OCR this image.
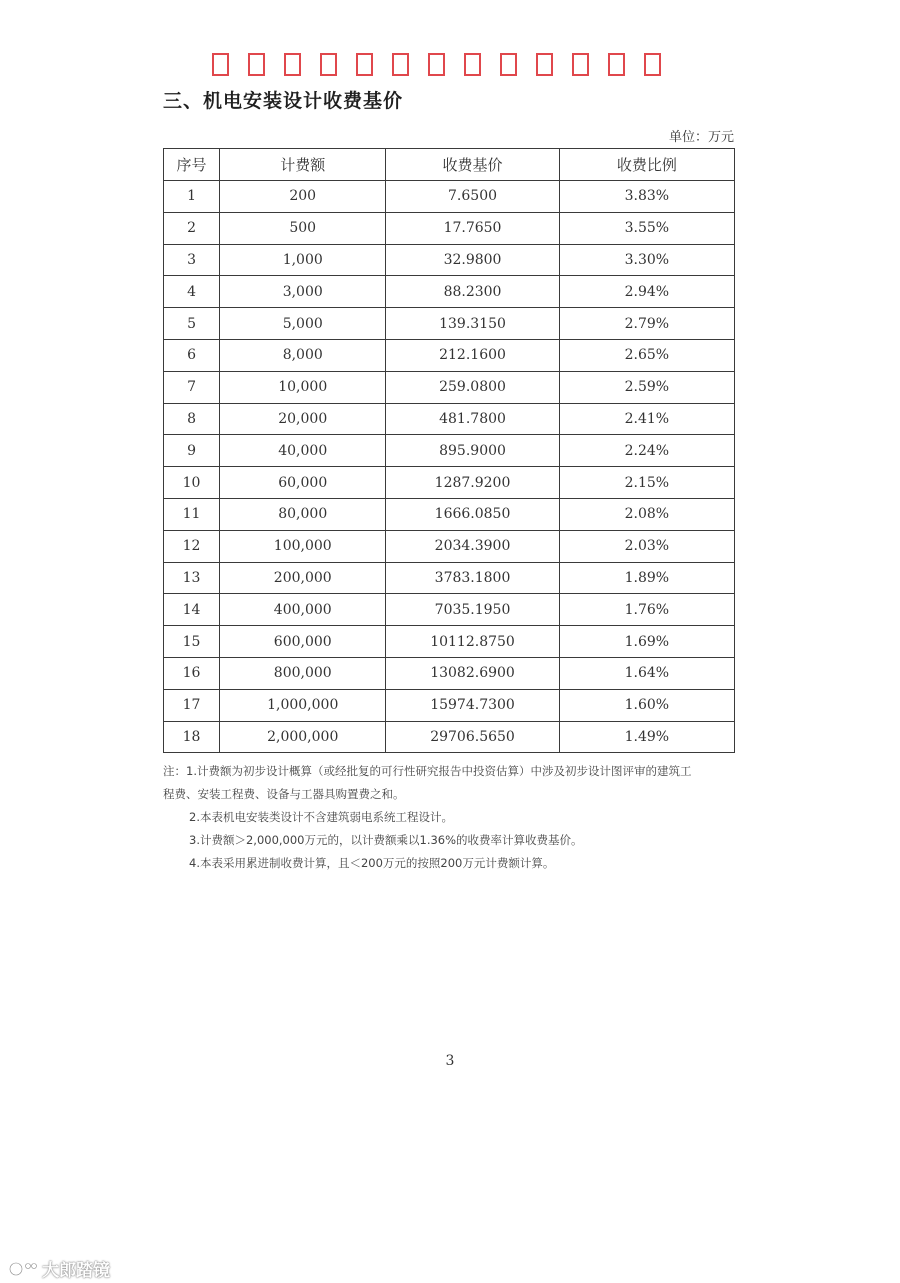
三、机电安装设计收费基价
单位：万元
序号	计费额	收费基价	收费比例
1	200	7.6500	3.83%
2	500	17.7650	3.55%
3	1,000	32.9800	3.30%
4	3,000	88.2300	2.94%
5	5,000	139.3150	2.79%
6	8,000	212.1600	2.65%
7	10,000	259.0800	2.59%
8	20,000	481.7800	2.41%
9	40,000	895.9000	2.24%
10	60,000	1287.9200	2.15%
11	80,000	1666.0850	2.08%
12	100,000	2034.3900	2.03%
13	200,000	3783.1800	1.89%
14	400,000	7035.1950	1.76%
15	600,000	10112.8750	1.69%
16	800,000	13082.6900	1.64%
17	1,000,000	15974.7300	1.60%
18	2,000,000	29706.5650	1.49%
注：1.计费额为初步设计概算（或经批复的可行性研究报告中投资估算）中涉及初步设计图评审的建筑工
程费、安装工程费、设备与工器具购置费之和。
2.本表机电安装类设计不含建筑弱电系统工程设计。
3.计费额＞2,000,000万元的，以计费额乘以1.36%的收费率计算收费基价。
4.本表采用累进制收费计算，且＜200万元的按照200万元计费额计算。
3
大郎踏镜
